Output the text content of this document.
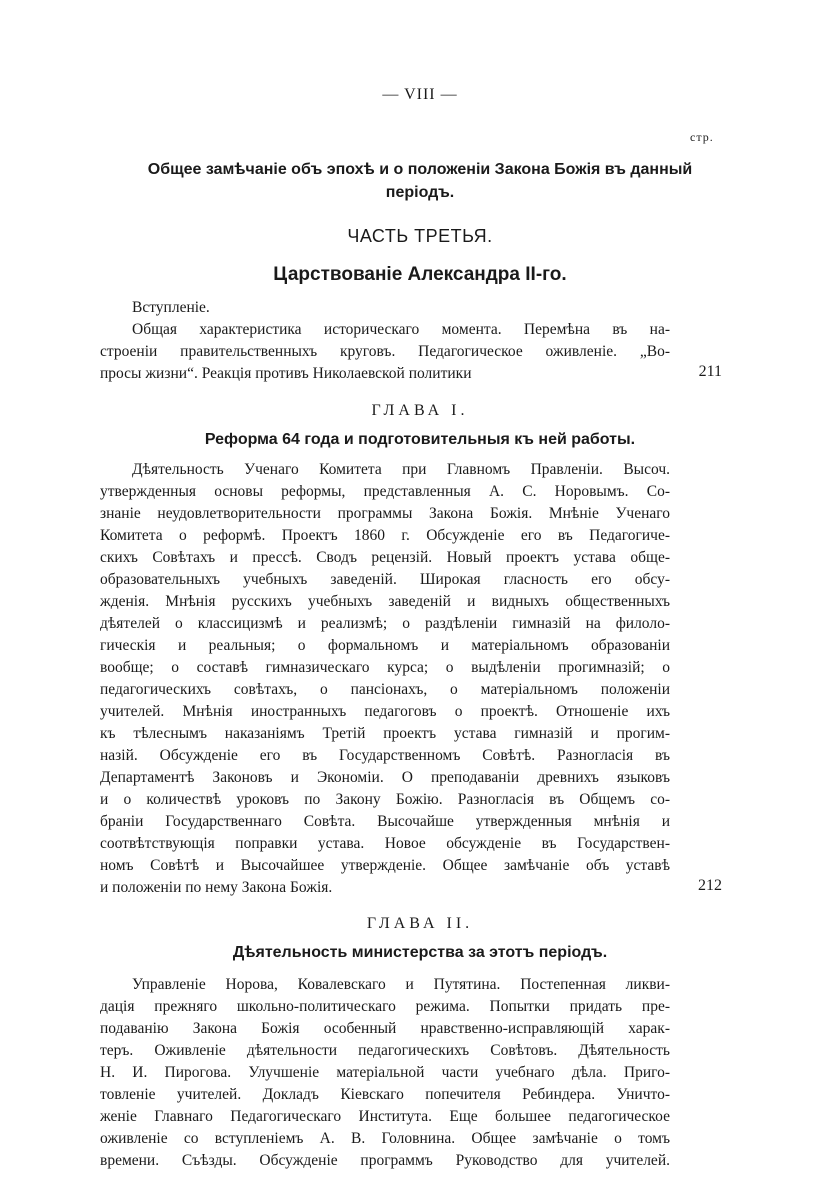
— VIII —
стр.
Общее замѣчаніе объ эпохѣ и о положеніи Закона Божія въ данный
періодъ.
ЧАСТЬ ТРЕТЬЯ.
Царствованіе Александра II-го.
Вступленіе.
Общая характеристика историческаго момента. Перемѣна въ на-
строеніи правительственныхъ круговъ. Педагогическое оживленіе. „Во-
просы жизни“. Реакція противъ Николаевской политики	211
ГЛАВА I.
Реформа 64 года и подготовительныя къ ней работы.
Дѣятельность Ученаго Комитета при Главномъ Правленіи. Высоч.
утвержденныя основы реформы, представленныя А. С. Норовымъ. Со-
знаніе неудовлетворительности программы Закона Божія. Мнѣніе Ученаго
Комитета о реформѣ. Проектъ 1860 г. Обсужденіе его въ Педагогиче-
скихъ Совѣтахъ и прессѣ. Сводъ рецензій. Новый проектъ устава обще-
образовательныхъ учебныхъ заведеній. Широкая гласность его обсу-
жденія. Мнѣнія русскихъ учебныхъ заведеній и видныхъ общественныхъ
дѣятелей о классицизмѣ и реализмѣ; о раздѣленіи гимназій на филоло-
гическія и реальныя; о формальномъ и матеріальномъ образованіи
вообще; о составѣ гимназическаго курса; о выдѣленіи прогимназій; о
педагогическихъ совѣтахъ, о пансіонахъ, о матеріальномъ положеніи
учителей. Мнѣнія иностранныхъ педагоговъ о проектѣ. Отношеніе ихъ
къ тѣлеснымъ наказаніямъ Третій проектъ устава гимназій и прогим-
назій. Обсужденіе его въ Государственномъ Совѣтѣ. Разногласія въ
Департаментѣ Законовъ и Экономіи. О преподаваніи древнихъ языковъ
и о количествѣ уроковъ по Закону Божію. Разногласія въ Общемъ со-
браніи Государственнаго Совѣта. Высочайше утвержденныя мнѣнія и
соотвѣтствующія поправки устава. Новое обсужденіе въ Государствен-
номъ Совѣтѣ и Высочайшее утвержденіе. Общее замѣчаніе объ уставѣ
и положеніи по нему Закона Божія.	212
ГЛАВА II.
Дѣятельность министерства за этотъ періодъ.
Управленіе Норова, Ковалевскаго и Путятина. Постепенная ликви-
дація прежняго школьно-политическаго режима. Попытки придать пре-
подаванію Закона Божія особенный нравственно-исправляющій харак-
теръ. Оживленіе дѣятельности педагогическихъ Совѣтовъ. Дѣятельность
Н. И. Пирогова. Улучшеніе матеріальной части учебнаго дѣла. Приго-
товленіе учителей. Докладъ Кіевскаго попечителя Ребиндера. Уничто-
женіе Главнаго Педагогическаго Института. Еще большее педагогическое
оживленіе со вступленіемъ А. В. Головнина. Общее замѣчаніе о томъ
времени. Съѣзды. Обсужденіе программъ Руководство для учителей.
